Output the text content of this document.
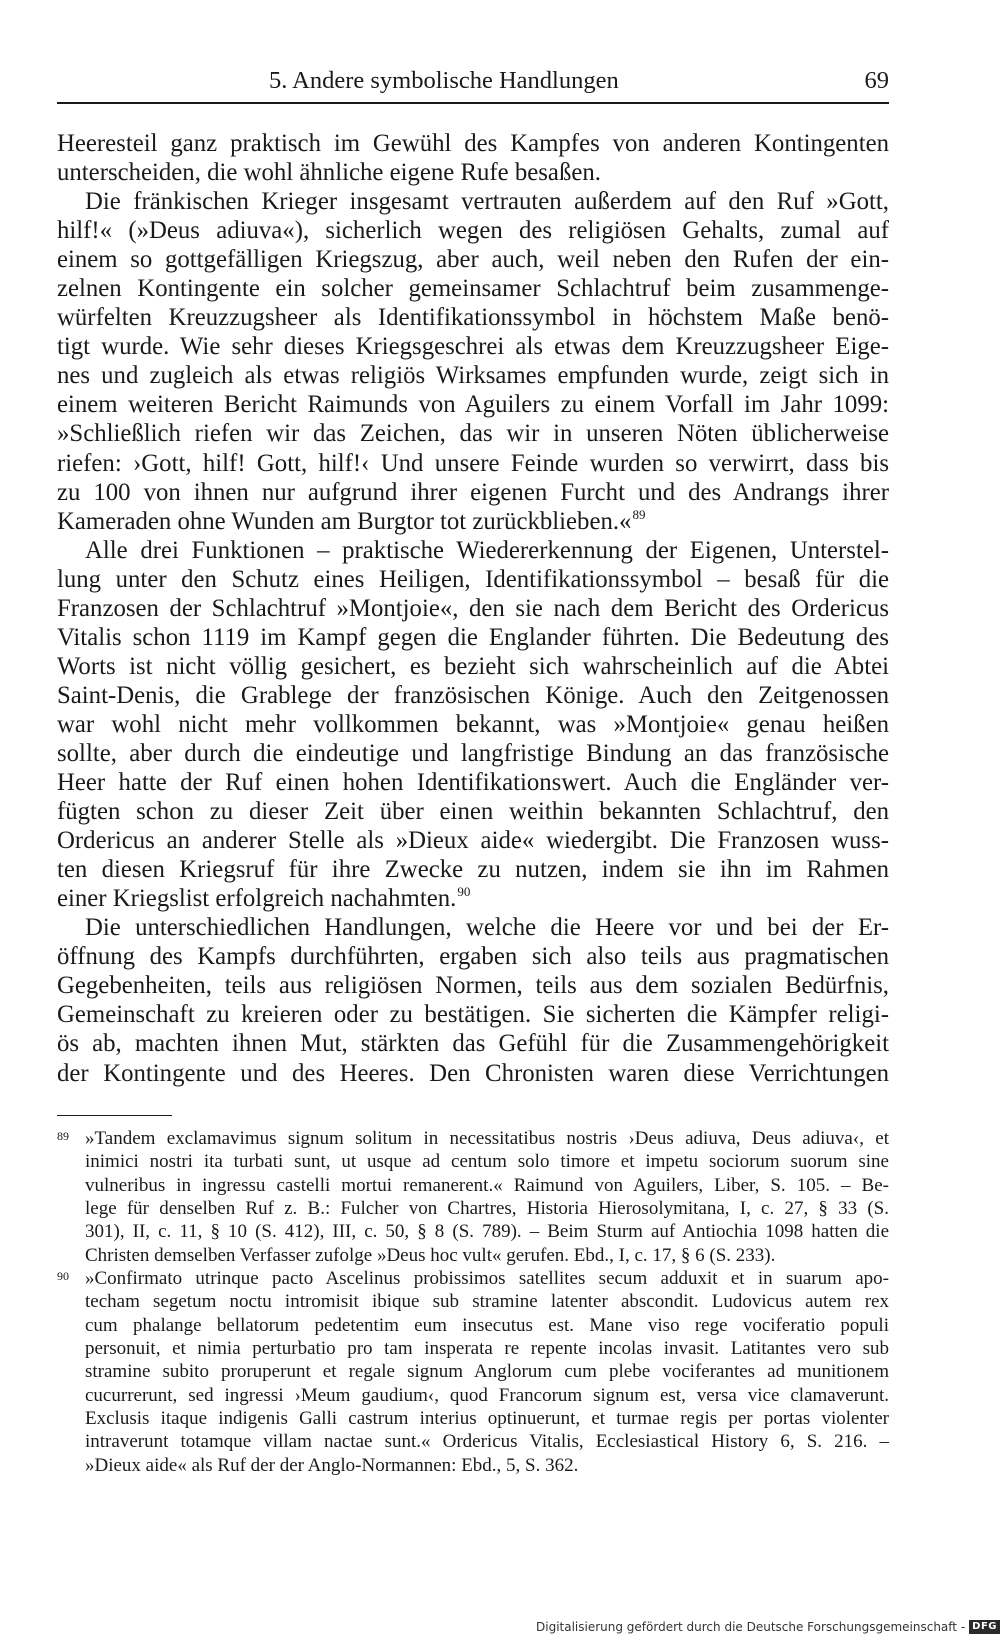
5. Andere symbolische Handlungen	69
Heeresteil ganz praktisch im Gewühl des Kampfes von anderen Kontingenten
unterscheiden, die wohl ähnliche eigene Rufe besaßen.
Die fränkischen Krieger insgesamt vertrauten außerdem auf den Ruf »Gott,
hilf!« (»Deus adiuva«), sicherlich wegen des religiösen Gehalts, zumal auf
einem so gottgefälligen Kriegszug, aber auch, weil neben den Rufen der ein-
zelnen Kontingente ein solcher gemeinsamer Schlachtruf beim zusammenge-
würfelten Kreuzzugsheer als Identifikationssymbol in höchstem Maße benö-
tigt wurde. Wie sehr dieses Kriegsgeschrei als etwas dem Kreuzzugsheer Eige-
nes und zugleich als etwas religiös Wirksames empfunden wurde, zeigt sich in
einem weiteren Bericht Raimunds von Aguilers zu einem Vorfall im Jahr 1099:
»Schließlich riefen wir das Zeichen, das wir in unseren Nöten üblicherweise
riefen: ›Gott, hilf! Gott, hilf!‹ Und unsere Feinde wurden so verwirrt, dass bis
zu 100 von ihnen nur aufgrund ihrer eigenen Furcht und des Andrangs ihrer
Kameraden ohne Wunden am Burgtor tot zurückblieben.«$^{89}$
Alle drei Funktionen – praktische Wiedererkennung der Eigenen, Unterstel-
lung unter den Schutz eines Heiligen, Identifikationssymbol – besaß für die
Franzosen der Schlachtruf »Montjoie«, den sie nach dem Bericht des Ordericus
Vitalis schon 1119 im Kampf gegen die Englander führten. Die Bedeutung des
Worts ist nicht völlig gesichert, es bezieht sich wahrscheinlich auf die Abtei
Saint-Denis, die Grablege der französischen Könige. Auch den Zeitgenossen
war wohl nicht mehr vollkommen bekannt, was »Montjoie« genau heißen
sollte, aber durch die eindeutige und langfristige Bindung an das französische
Heer hatte der Ruf einen hohen Identifikationswert. Auch die Engländer ver-
fügten schon zu dieser Zeit über einen weithin bekannten Schlachtruf, den
Ordericus an anderer Stelle als »Dieux aide« wiedergibt. Die Franzosen wuss-
ten diesen Kriegsruf für ihre Zwecke zu nutzen, indem sie ihn im Rahmen
einer Kriegslist erfolgreich nachahmten.$^{90}$
Die unterschiedlichen Handlungen, welche die Heere vor und bei der Er-
öffnung des Kampfs durchführten, ergaben sich also teils aus pragmatischen
Gegebenheiten, teils aus religiösen Normen, teils aus dem sozialen Bedürfnis,
Gemeinschaft zu kreieren oder zu bestätigen. Sie sicherten die Kämpfer religi-
ös ab, machten ihnen Mut, stärkten das Gefühl für die Zusammengehörigkeit
der Kontingente und des Heeres. Den Chronisten waren diese Verrichtungen
89 »Tandem exclamavimus signum solitum in necessitatibus nostris ›Deus adiuva, Deus adiuva‹, et
inimici nostri ita turbati sunt, ut usque ad centum solo timore et impetu sociorum suorum sine
vulneribus in ingressu castelli mortui remanerent.« Raimund von Aguilers, Liber, S. 105. – Be-
lege für denselben Ruf z. B.: Fulcher von Chartres, Historia Hierosolymitana, I, c. 27, § 33 (S.
301), II, c. 11, § 10 (S. 412), III, c. 50, § 8 (S. 789). – Beim Sturm auf Antiochia 1098 hatten die
Christen demselben Verfasser zufolge »Deus hoc vult« gerufen. Ebd., I, c. 17, § 6 (S. 233).
90 »Confirmato utrinque pacto Ascelinus probissimos satellites secum adduxit et in suarum apo-
techam segetum noctu intromisit ibique sub stramine latenter abscondit. Ludovicus autem rex
cum phalange bellatorum pedetentim eum insecutus est. Mane viso rege vociferatio populi
personuit, et nimia perturbatio pro tam insperata re repente incolas invasit. Latitantes vero sub
stramine subito proruperunt et regale signum Anglorum cum plebe vociferantes ad munitionem
cucurrerunt, sed ingressi ›Meum gaudium‹, quod Francorum signum est, versa vice clamaverunt.
Exclusis itaque indigenis Galli castrum interius optinuerunt, et turmae regis per portas violenter
intraverunt totamque villam nactae sunt.« Ordericus Vitalis, Ecclesiastical History 6, S. 216. –
»Dieux aide« als Ruf der der Anglo-Normannen: Ebd., 5, S. 362.
Digitalisierung gefördert durch die Deutsche Forschungsgemeinschaft - DFG
